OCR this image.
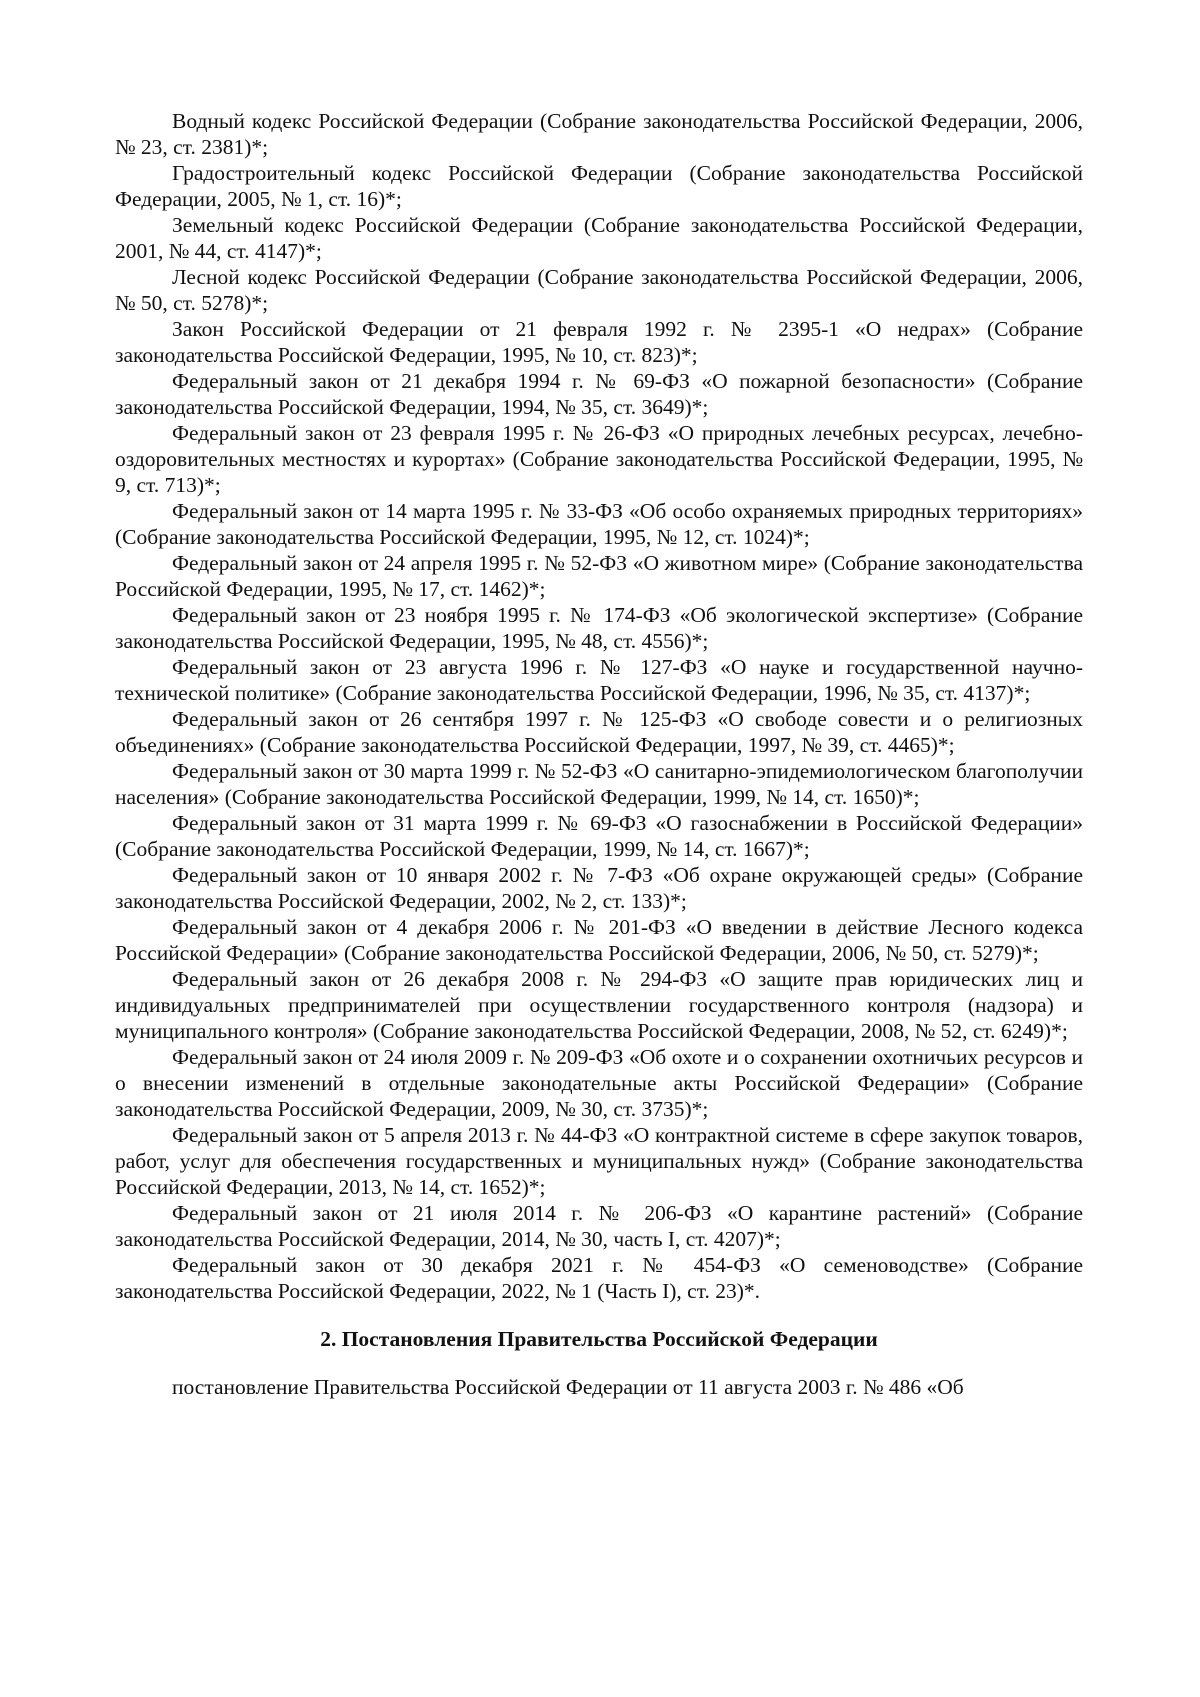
Водный кодекс Российской Федерации (Собрание законодательства Российской Федерации, 2006, № 23, ст. 2381)*;

Градостроительный кодекс Российской Федерации (Собрание законодательства Российской Федерации, 2005, № 1, ст. 16)*;

Земельный кодекс Российской Федерации (Собрание законодательства Российской Федерации, 2001, № 44, ст. 4147)*;

Лесной кодекс Российской Федерации (Собрание законодательства Российской Федерации, 2006, № 50, ст. 5278)*;

Закон Российской Федерации от 21 февраля 1992 г. № 2395-1 «О недрах» (Собрание законодательства Российской Федерации, 1995, № 10, ст. 823)*;

Федеральный закон от 21 декабря 1994 г. № 69-ФЗ «О пожарной безопасности» (Собрание законодательства Российской Федерации, 1994, № 35, ст. 3649)*;

Федеральный закон от 23 февраля 1995 г. № 26-ФЗ «О природных лечебных ресурсах, лечебно-оздоровительных местностях и курортах» (Собрание законодательства Российской Федерации, 1995, № 9, ст. 713)*;

Федеральный закон от 14 марта 1995 г. № 33-ФЗ «Об особо охраняемых природных территориях» (Собрание законодательства Российской Федерации, 1995, № 12, ст. 1024)*;

Федеральный закон от 24 апреля 1995 г. № 52-ФЗ «О животном мире» (Собрание законодательства Российской Федерации, 1995, № 17, ст. 1462)*;

Федеральный закон от 23 ноября 1995 г. № 174-ФЗ «Об экологической экспертизе» (Собрание законодательства Российской Федерации, 1995, № 48, ст. 4556)*;

Федеральный закон от 23 августа 1996 г. № 127-ФЗ «О науке и государственной научно-технической политике» (Собрание законодательства Российской Федерации, 1996, № 35, ст. 4137)*;

Федеральный закон от 26 сентября 1997 г. № 125-ФЗ «О свободе совести и о религиозных объединениях» (Собрание законодательства Российской Федерации, 1997, № 39, ст. 4465)*;

Федеральный закон от 30 марта 1999 г. № 52-ФЗ «О санитарно-эпидемиологическом благополучии населения» (Собрание законодательства Российской Федерации, 1999, № 14, ст. 1650)*;

Федеральный закон от 31 марта 1999 г. № 69-ФЗ «О газоснабжении в Российской Федерации» (Собрание законодательства Российской Федерации, 1999, № 14, ст. 1667)*;

Федеральный закон от 10 января 2002 г. № 7-ФЗ «Об охране окружающей среды» (Собрание законодательства Российской Федерации, 2002, № 2, ст. 133)*;

Федеральный закон от 4 декабря 2006 г. № 201-ФЗ «О введении в действие Лесного кодекса Российской Федерации» (Собрание законодательства Российской Федерации, 2006, № 50, ст. 5279)*;

Федеральный закон от 26 декабря 2008 г. № 294-ФЗ «О защите прав юридических лиц и индивидуальных предпринимателей при осуществлении государственного контроля (надзора) и муниципального контроля» (Собрание законодательства Российской Федерации, 2008, № 52, ст. 6249)*;

Федеральный закон от 24 июля 2009 г. № 209-ФЗ «Об охоте и о сохранении охотничьих ресурсов и о внесении изменений в отдельные законодательные акты Российской Федерации» (Собрание законодательства Российской Федерации, 2009, № 30, ст. 3735)*;

Федеральный закон от 5 апреля 2013 г. № 44-ФЗ «О контрактной системе в сфере закупок товаров, работ, услуг для обеспечения государственных и муниципальных нужд» (Собрание законодательства Российской Федерации, 2013, № 14, ст. 1652)*;

Федеральный закон от 21 июля 2014 г. № 206-ФЗ «О карантине растений» (Собрание законодательства Российской Федерации, 2014, № 30, часть I, ст. 4207)*;

Федеральный закон от 30 декабря 2021 г. № 454-ФЗ «О семеноводстве» (Собрание законодательства Российской Федерации, 2022, № 1 (Часть I), ст. 23)*.

2. Постановления Правительства Российской Федерации

постановление Правительства Российской Федерации от 11 августа 2003 г. № 486 «Об
